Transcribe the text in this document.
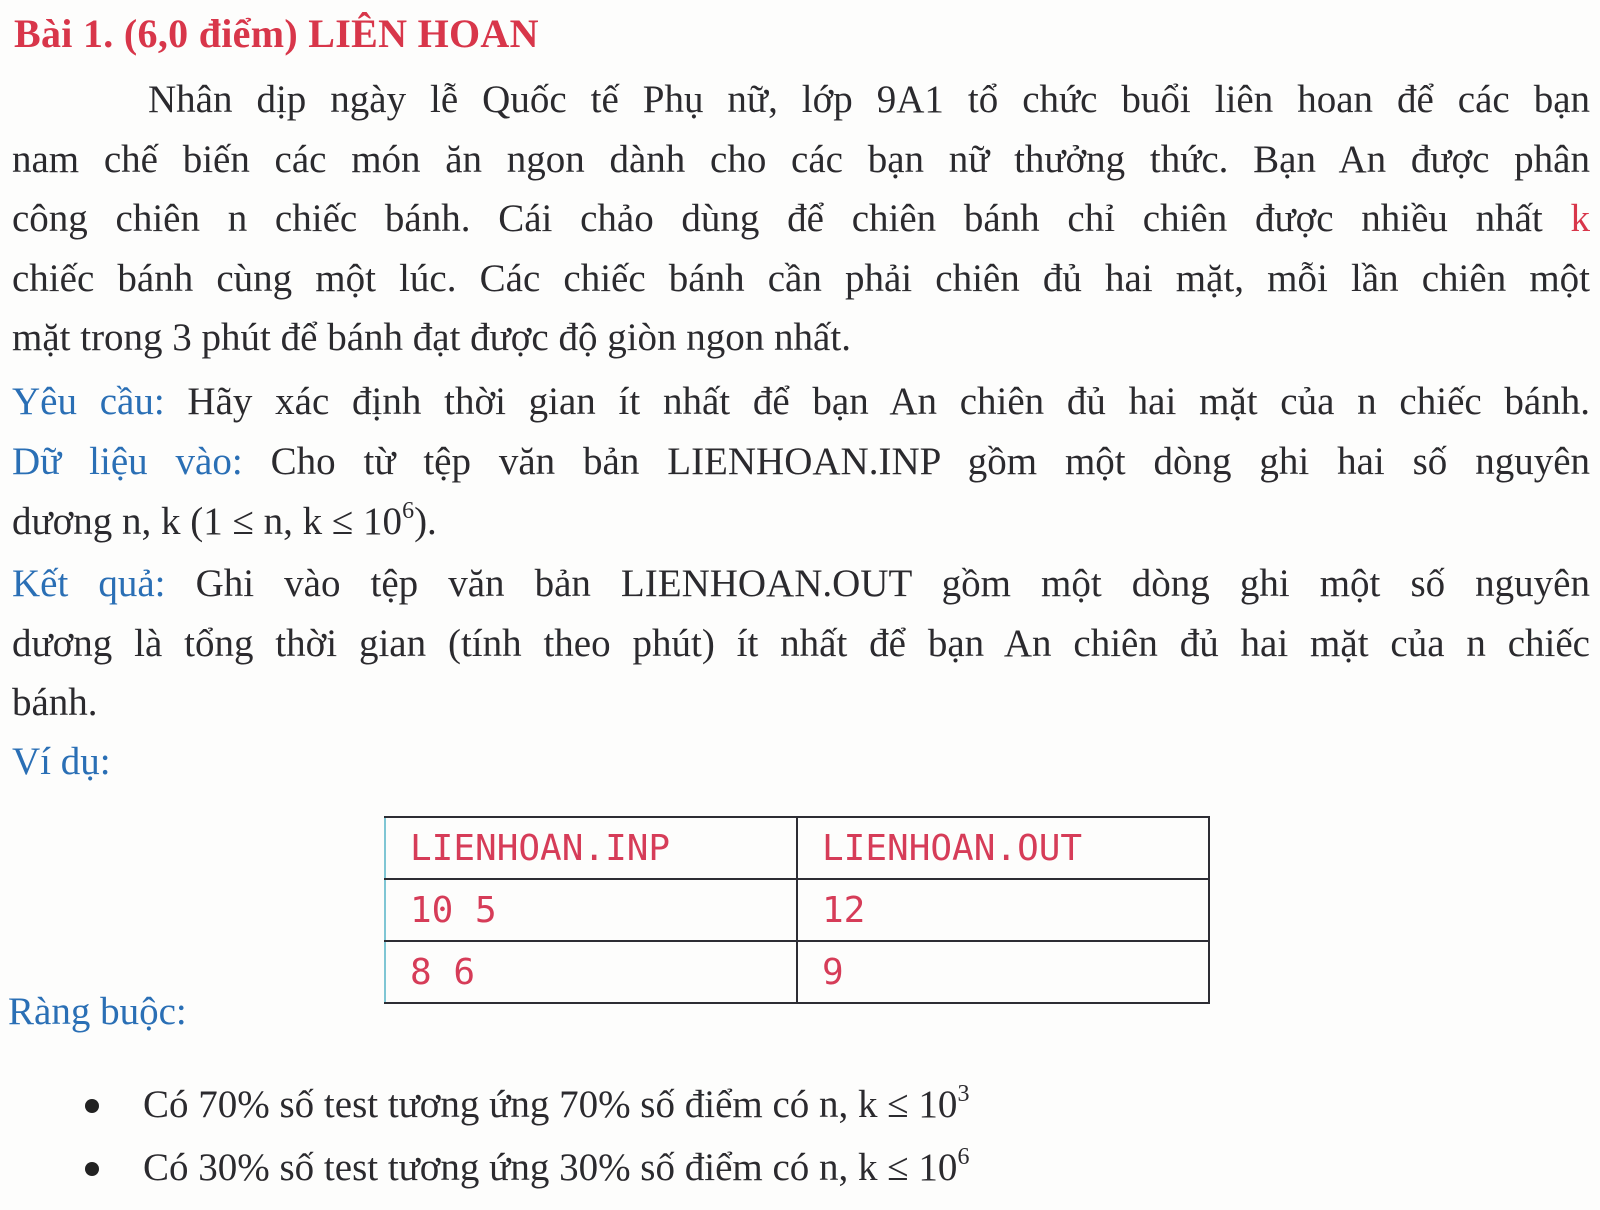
Bài 1. (6,0 điểm) LIÊN HOAN
Nhân dịp ngày lễ Quốc tế Phụ nữ, lớp 9A1 tổ chức buổi liên hoan để các bạn
nam chế biến các món ăn ngon dành cho các bạn nữ thưởng thức. Bạn An được phân
công chiên n chiếc bánh. Cái chảo dùng để chiên bánh chỉ chiên được nhiều nhất k
chiếc bánh cùng một lúc. Các chiếc bánh cần phải chiên đủ hai mặt, mỗi lần chiên một
mặt trong 3 phút để bánh đạt được độ giòn ngon nhất.
Yêu cầu: Hãy xác định thời gian ít nhất để bạn An chiên đủ hai mặt của n chiếc bánh.
Dữ liệu vào: Cho từ tệp văn bản LIENHOAN.INP gồm một dòng ghi hai số nguyên
dương n, k (1 ≤ n, $k \le 10^6$).
Kết quả: Ghi vào tệp văn bản LIENHOAN.OUT gồm một dòng ghi một số nguyên
dương là tổng thời gian (tính theo phút) ít nhất để bạn An chiên đủ hai mặt của n chiếc
bánh.
Ví dụ:
LIENHOAN.INP	LIENHOAN.OUT
10 5	12
8 6	9
Ràng buộc:
Có 70% số test tương ứng 70% số điểm có n, $k \le 10^3$
Có 30% số test tương ứng 30% số điểm có n, $k \le 10^6$
